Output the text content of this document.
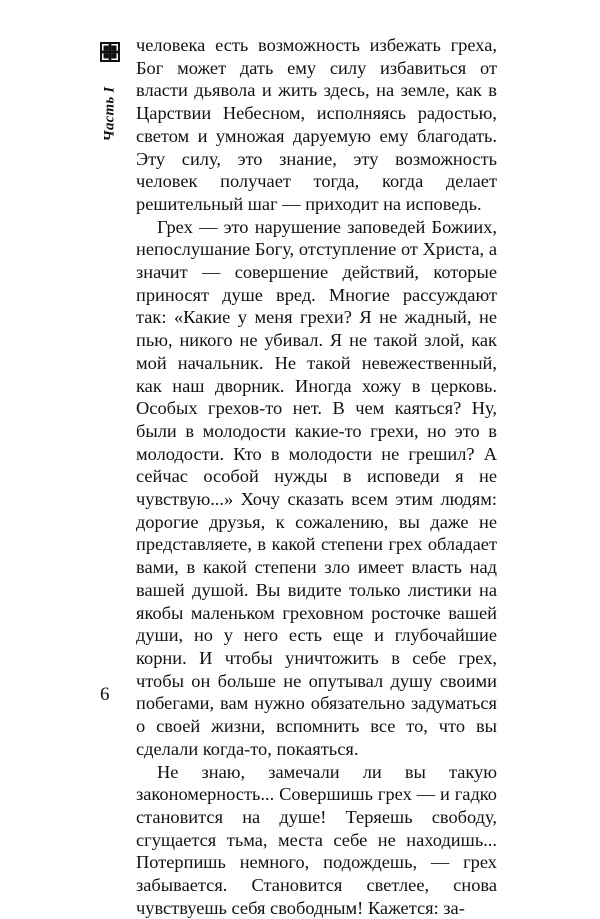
Часть I

человека есть возможность избежать греха, Бог может дать ему силу избавиться от власти дьявола и жить здесь, на земле, как в Царствии Небесном, исполняясь радостью, светом и умножая даруемую ему благодать. Эту силу, это знание, эту возможность человек получает тогда, когда делает решительный шаг — приходит на исповедь.

Грех — это нарушение заповедей Божиих, непослушание Богу, отступление от Христа, а значит — совершение действий, которые приносят душе вред. Многие рассуждают так: «Какие у меня грехи? Я не жадный, не пью, никого не убивал. Я не такой злой, как мой начальник. Не такой невежественный, как наш дворник. Иногда хожу в церковь. Особых грехов-то нет. В чем каяться? Ну, были в молодости какие-то грехи, но это в молодости. Кто в молодости не грешил? А сейчас особой нужды в исповеди я не чувствую...» Хочу сказать всем этим людям: дорогие друзья, к сожалению, вы даже не представляете, в какой степени грех обладает вами, в какой степени зло имеет власть над вашей душой. Вы видите только листики на якобы маленьком греховном росточке вашей души, но у него есть еще и глубочайшие корни. И чтобы уничтожить в себе грех, чтобы он больше не опутывал душу своими побегами, вам нужно обязательно задуматься о своей жизни, вспомнить все то, что вы сделали когда-то, покаяться.

Не знаю, замечали ли вы такую закономерность... Совершишь грех — и гадко становится на душе! Теряешь свободу, сгущается тьма, места себе не находишь... Потерпишь немного, подождешь, — грех забывается. Становится светлее, снова чувствуешь себя свободным! Кажется: за-

6
